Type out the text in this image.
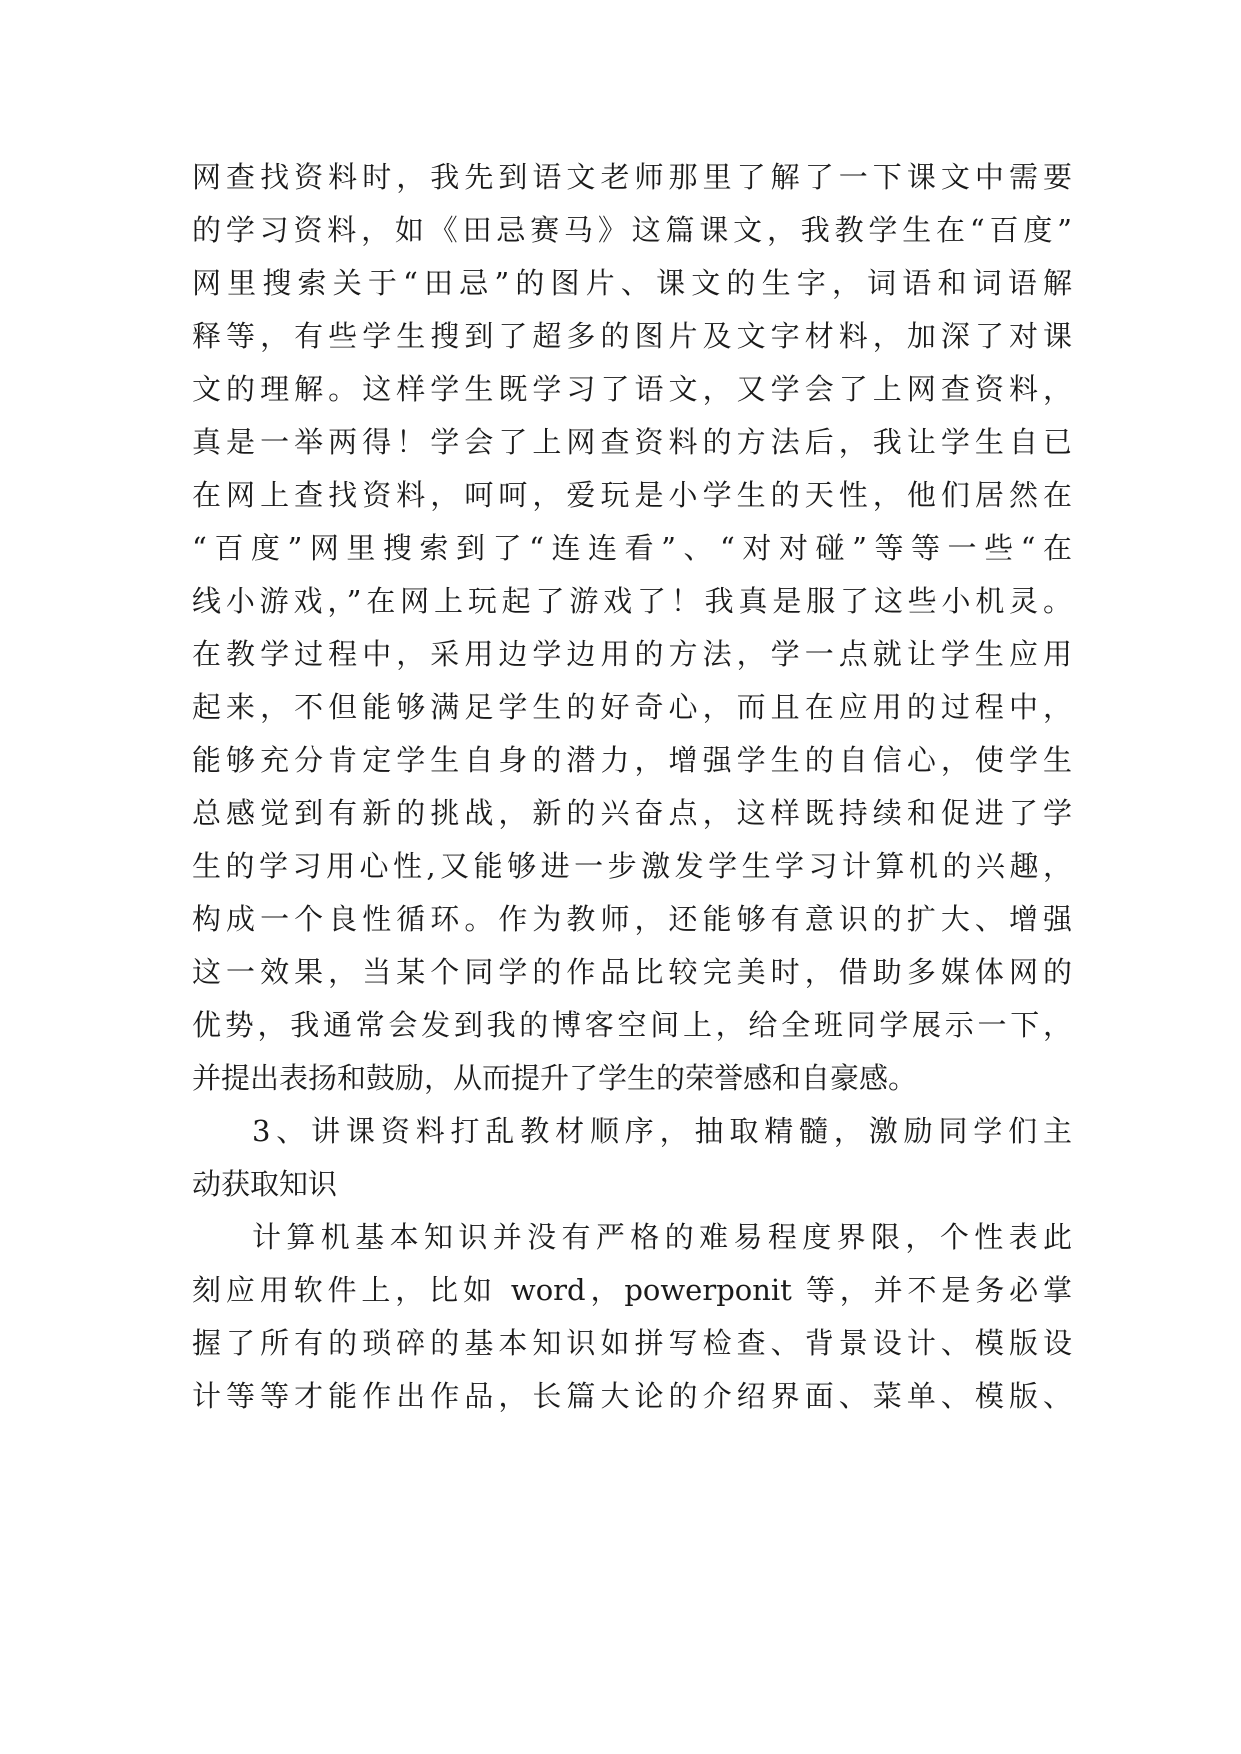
网查找资料时，我先到语文老师那里了解了一下课文中需要
的学习资料，如《田忌赛马》这篇课文，我教学生在“百度”
网里搜索关于“田忌”的图片、课文的生字，词语和词语解
释等，有些学生搜到了超多的图片及文字材料，加深了对课
文的理解。这样学生既学习了语文，又学会了上网查资料，
真是一举两得！学会了上网查资料的方法后，我让学生自已
在网上查找资料，呵呵，爱玩是小学生的天性，他们居然在
“百度”网里搜索到了“连连看”、“对对碰”等等一些“在
线小游戏，”在网上玩起了游戏了！我真是服了这些小机灵。
在教学过程中，采用边学边用的方法，学一点就让学生应用
起来，不但能够满足学生的好奇心，而且在应用的过程中，
能够充分肯定学生自身的潜力，增强学生的自信心，使学生
总感觉到有新的挑战，新的兴奋点，这样既持续和促进了学
生的学习用心性,又能够进一步激发学生学习计算机的兴趣，
构成一个良性循环。作为教师，还能够有意识的扩大、增强
这一效果，当某个同学的作品比较完美时，借助多媒体网的
优势，我通常会发到我的博客空间上，给全班同学展示一下，
并提出表扬和鼓励，从而提升了学生的荣誉感和自豪感。
3、讲课资料打乱教材顺序，抽取精髓，激励同学们主
动获取知识
计算机基本知识并没有严格的难易程度界限，个性表此
刻应用软件上，比如 word，powerponit 等，并不是务必掌
握了所有的琐碎的基本知识如拼写检查、背景设计、模版设
计等等才能作出作品，长篇大论的介绍界面、菜单、模版、
